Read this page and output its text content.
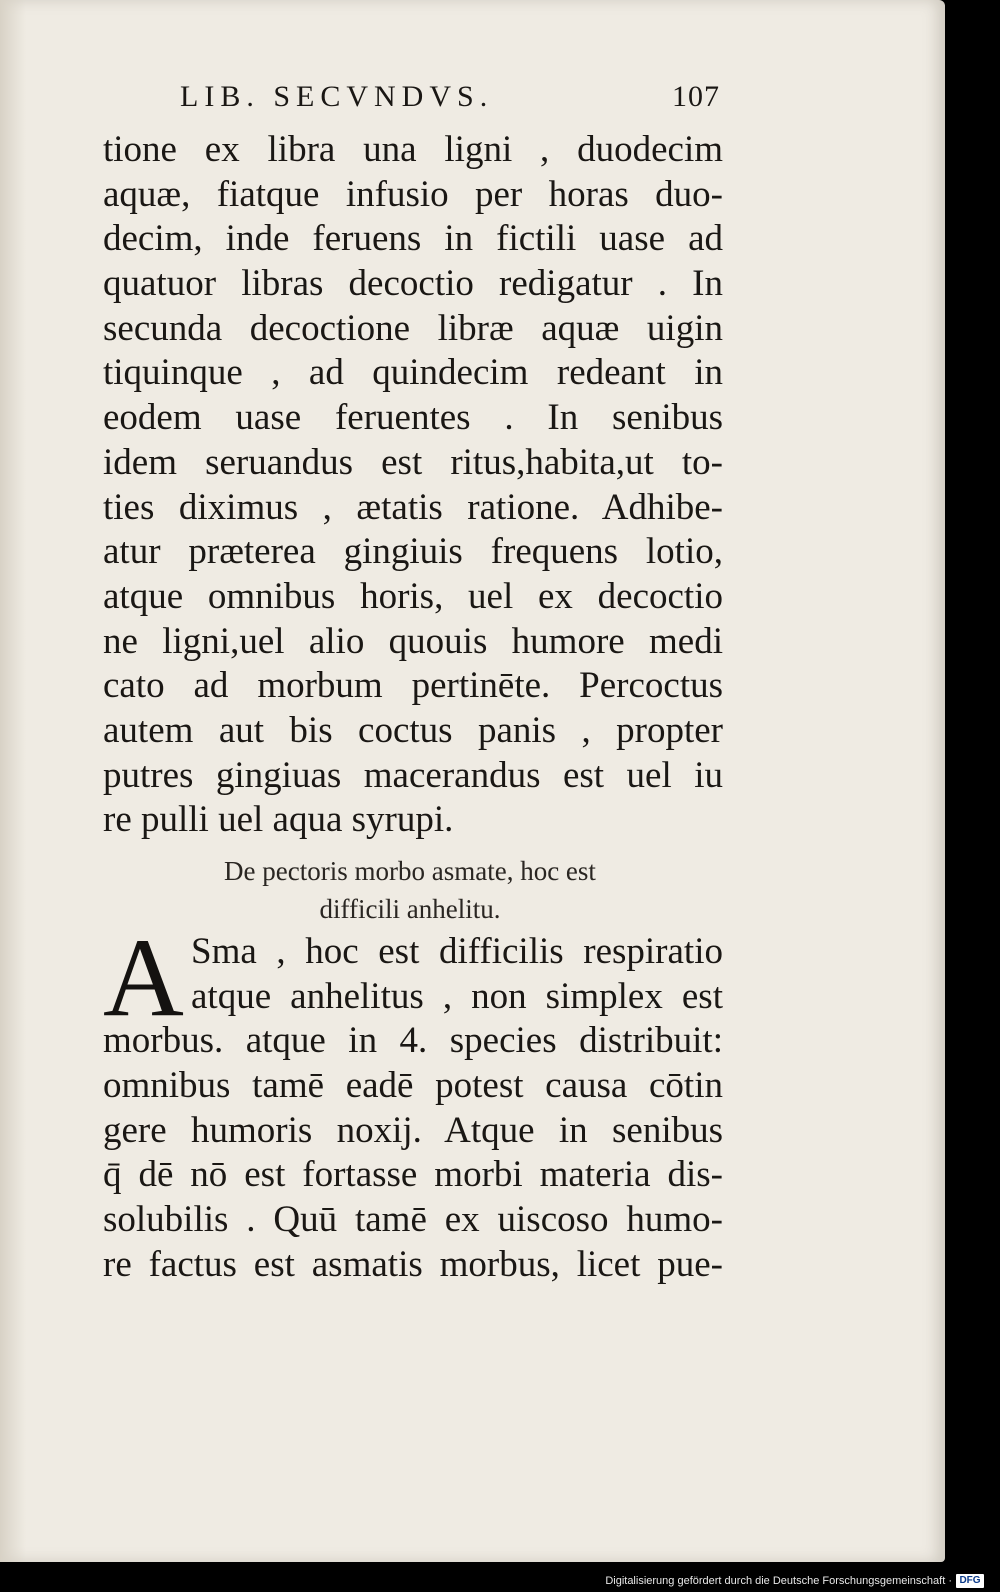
LIB. SECVNDVS.	107
tione ex libra una ligni , duodecim
aquæ, fiatque infusio per horas duo-
decim, inde feruens in fictili uase ad
quatuor libras decoctio redigatur . In
secunda decoctione libræ aquæ uigin
tiquinque , ad quindecim redeant in
eodem uase feruentes . In senibus
idem seruandus est ritus,habita,ut to-
ties diximus , ætatis ratione. Adhibe-
atur præterea gingiuis frequens lotio,
atque omnibus horis, uel ex decoctio
ne ligni,uel alio quouis humore medi
cato ad morbum pertinēte. Percoctus
autem aut bis coctus panis , propter
putres gingiuas macerandus est uel iu
re pulli uel aqua syrupi.
De pectoris morbo asmate, hoc est
difficili anhelitu.
A Sma , hoc est difficilis respiratio
atque anhelitus , non simplex est
morbus. atque in 4. species distribuit:
omnibus tamē eadē potest causa cōtin
gere humoris noxij. Atque in senibus
q̄ dē nō est fortasse morbi materia dis-
solubilis . Quū tamē ex uiscoso humo-
re factus est asmatis morbus, licet pue-
Digitalisierung gefördert durch die Deutsche Forschungsgemeinschaft · DFG
